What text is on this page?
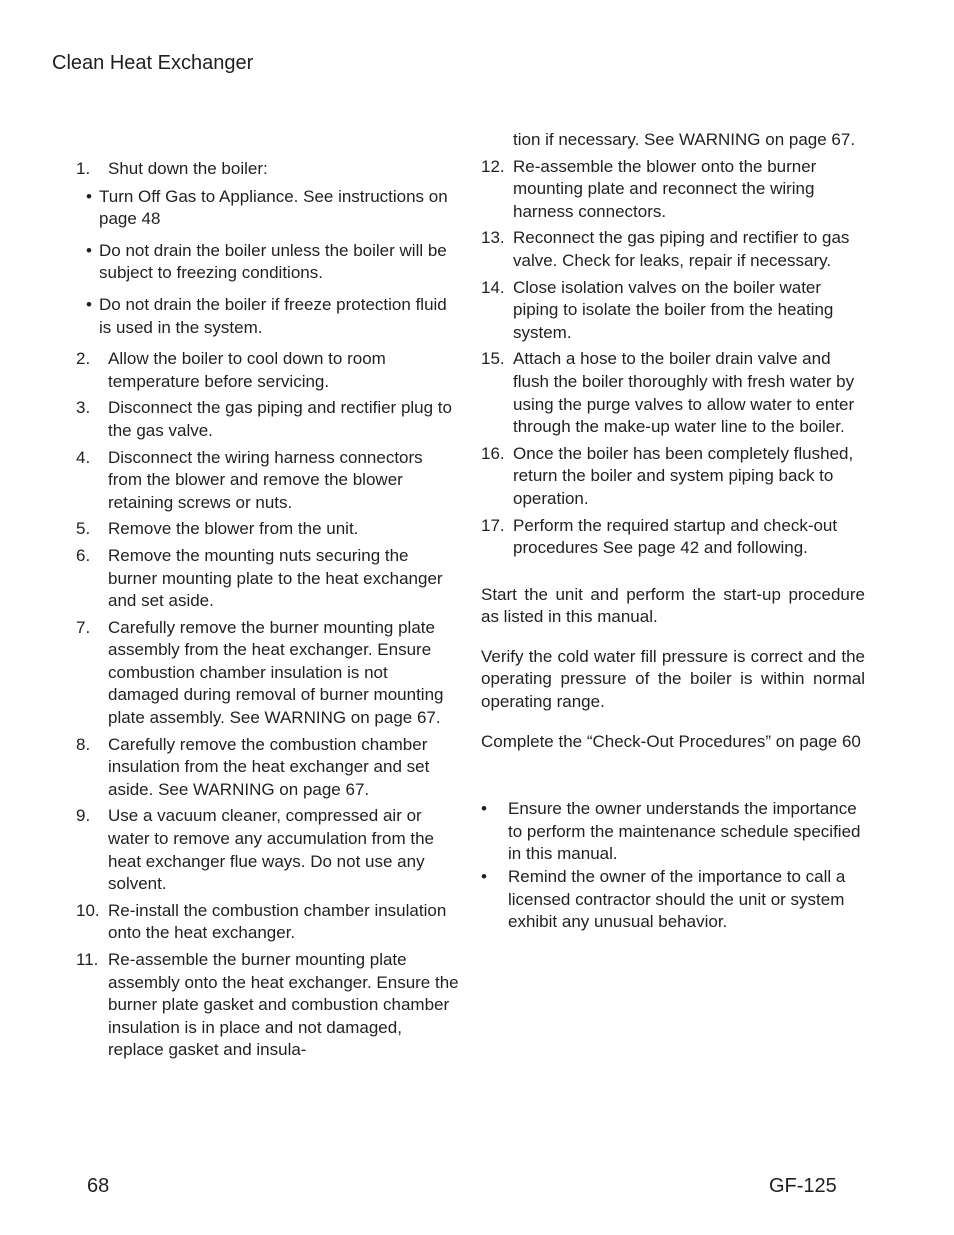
Clean Heat Exchanger
1. Shut down the boiler:
• Turn Off Gas to Appliance. See instructions on page 48
• Do not drain the boiler unless the boiler will be subject to freezing conditions.
• Do not drain the boiler if freeze protection fluid is used in the system.
2. Allow the boiler to cool down to room temperature before servicing.
3. Disconnect the gas piping and rectifier plug to the gas valve.
4. Disconnect the wiring harness connectors from the blower and remove the blower retaining screws or nuts.
5. Remove the blower from the unit.
6. Remove the mounting nuts securing the burner mounting plate to the heat exchanger and set aside.
7. Carefully remove the burner mounting plate assembly from the heat exchanger. Ensure combustion chamber insulation is not damaged during removal of burner mounting plate assembly. See WARNING on page 67.
8. Carefully remove the combustion chamber insulation from the heat exchanger and set aside. See WARNING on page 67.
9. Use a vacuum cleaner, compressed air or water to remove any accumulation from the heat exchanger flue ways. Do not use any solvent.
10. Re-install the combustion chamber insulation onto the heat exchanger.
11. Re-assemble the burner mounting plate assembly onto the heat exchanger. Ensure the burner plate gasket and combustion chamber insulation is in place and not damaged, replace gasket and insula-
tion if necessary. See WARNING on page 67.
12. Re-assemble the blower onto the burner mounting plate and reconnect the wiring harness connectors.
13. Reconnect the gas piping and rectifier to gas valve. Check for leaks, repair if necessary.
14. Close isolation valves on the boiler water piping to isolate the boiler from the heating system.
15. Attach a hose to the boiler drain valve and flush the boiler thoroughly with fresh water by using the purge valves to allow water to enter through the make-up water line to the boiler.
16. Once the boiler has been completely flushed, return the boiler and system piping back to operation.
17. Perform the required startup and check-out procedures See page 42 and following.
Start the unit and perform the start-up procedure as listed in this manual.
Verify the cold water fill pressure is correct and the operating pressure of the boiler is within normal operating range.
Complete the “Check-Out Procedures” on page 60
• Ensure the owner understands the importance to perform the maintenance schedule specified in this manual.
• Remind the owner of the importance to call a licensed contractor should the unit or system exhibit any unusual behavior.
68	GF-125
